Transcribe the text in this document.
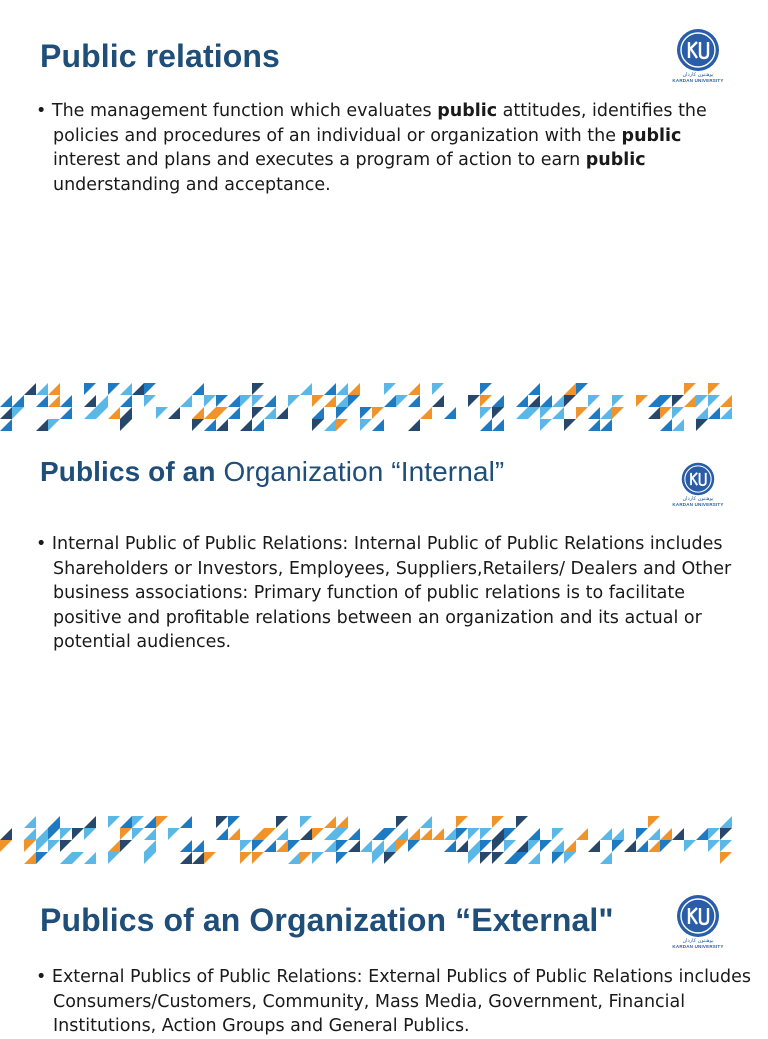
Public relations
پوهنتون کاردان
KARDAN UNIVERSITY

• The management function which evaluates public attitudes, identifies the policies and procedures of an individual or organization with the public interest and plans and executes a program of action to earn public understanding and acceptance.

Publics of an Organization “Internal”
پوهنتون کاردان
KARDAN UNIVERSITY

• Internal Public of Public Relations: Internal Public of Public Relations includes Shareholders or Investors, Employees, Suppliers,Retailers/ Dealers and Other business associations: Primary function of public relations is to facilitate positive and profitable relations between an organization and its actual or potential audiences.

Publics of an Organization “External"
پوهنتون کاردان
KARDAN UNIVERSITY

• External Publics of Public Relations: External Publics of Public Relations includes Consumers/Customers, Community, Mass Media, Government, Financial Institutions, Action Groups and General Publics.
